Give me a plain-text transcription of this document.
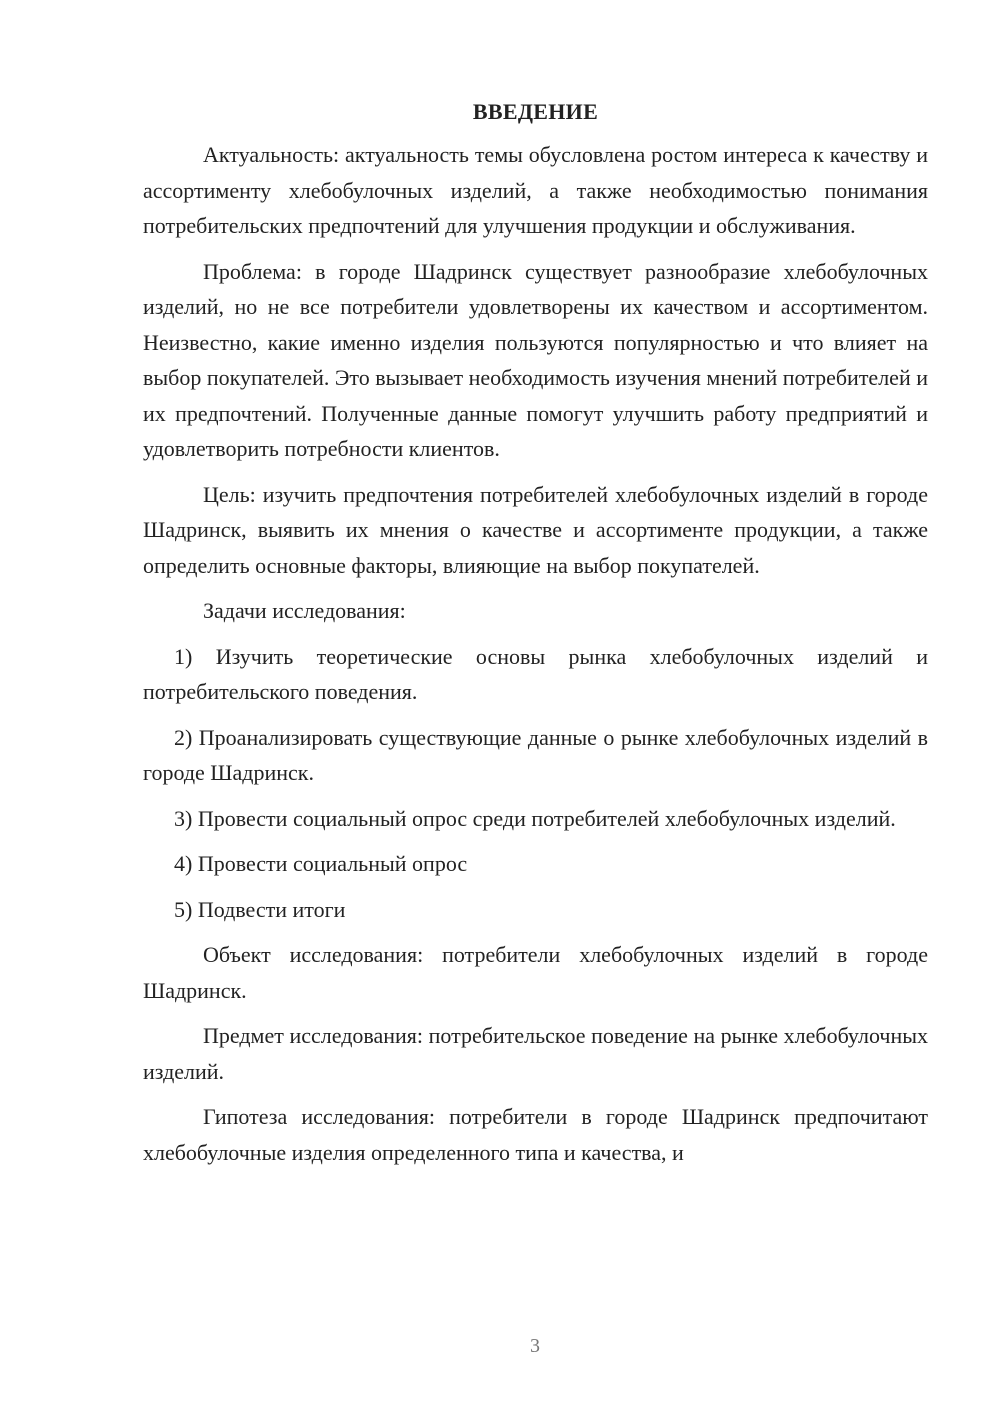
ВВЕДЕНИЕ

Актуальность: актуальность темы обусловлена ростом интереса к качеству и ассортименту хлебобулочных изделий, а также необходимостью понимания потребительских предпочтений для улучшения продукции и обслуживания.

Проблема: в городе Шадринск существует разнообразие хлебобулочных изделий, но не все потребители удовлетворены их качеством и ассортиментом. Неизвестно, какие именно изделия пользуются популярностью и что влияет на выбор покупателей. Это вызывает необходимость изучения мнений потребителей и их предпочтений. Полученные данные помогут улучшить работу предприятий и удовлетворить потребности клиентов.

Цель: изучить предпочтения потребителей хлебобулочных изделий в городе Шадринск, выявить их мнения о качестве и ассортименте продукции, а также определить основные факторы, влияющие на выбор покупателей.

Задачи исследования:

1) Изучить теоретические основы рынка хлебобулочных изделий и потребительского поведения.

2) Проанализировать существующие данные о рынке хлебобулочных изделий в городе Шадринск.

3) Провести социальный опрос среди потребителей хлебобулочных изделий.

4) Провести социальный опрос

5) Подвести итоги

Объект исследования: потребители хлебобулочных изделий в городе Шадринск.

Предмет исследования: потребительское поведение на рынке хлебобулочных изделий.

Гипотеза исследования: потребители в городе Шадринск предпочитают хлебобулочные изделия определенного типа и качества, и

3
